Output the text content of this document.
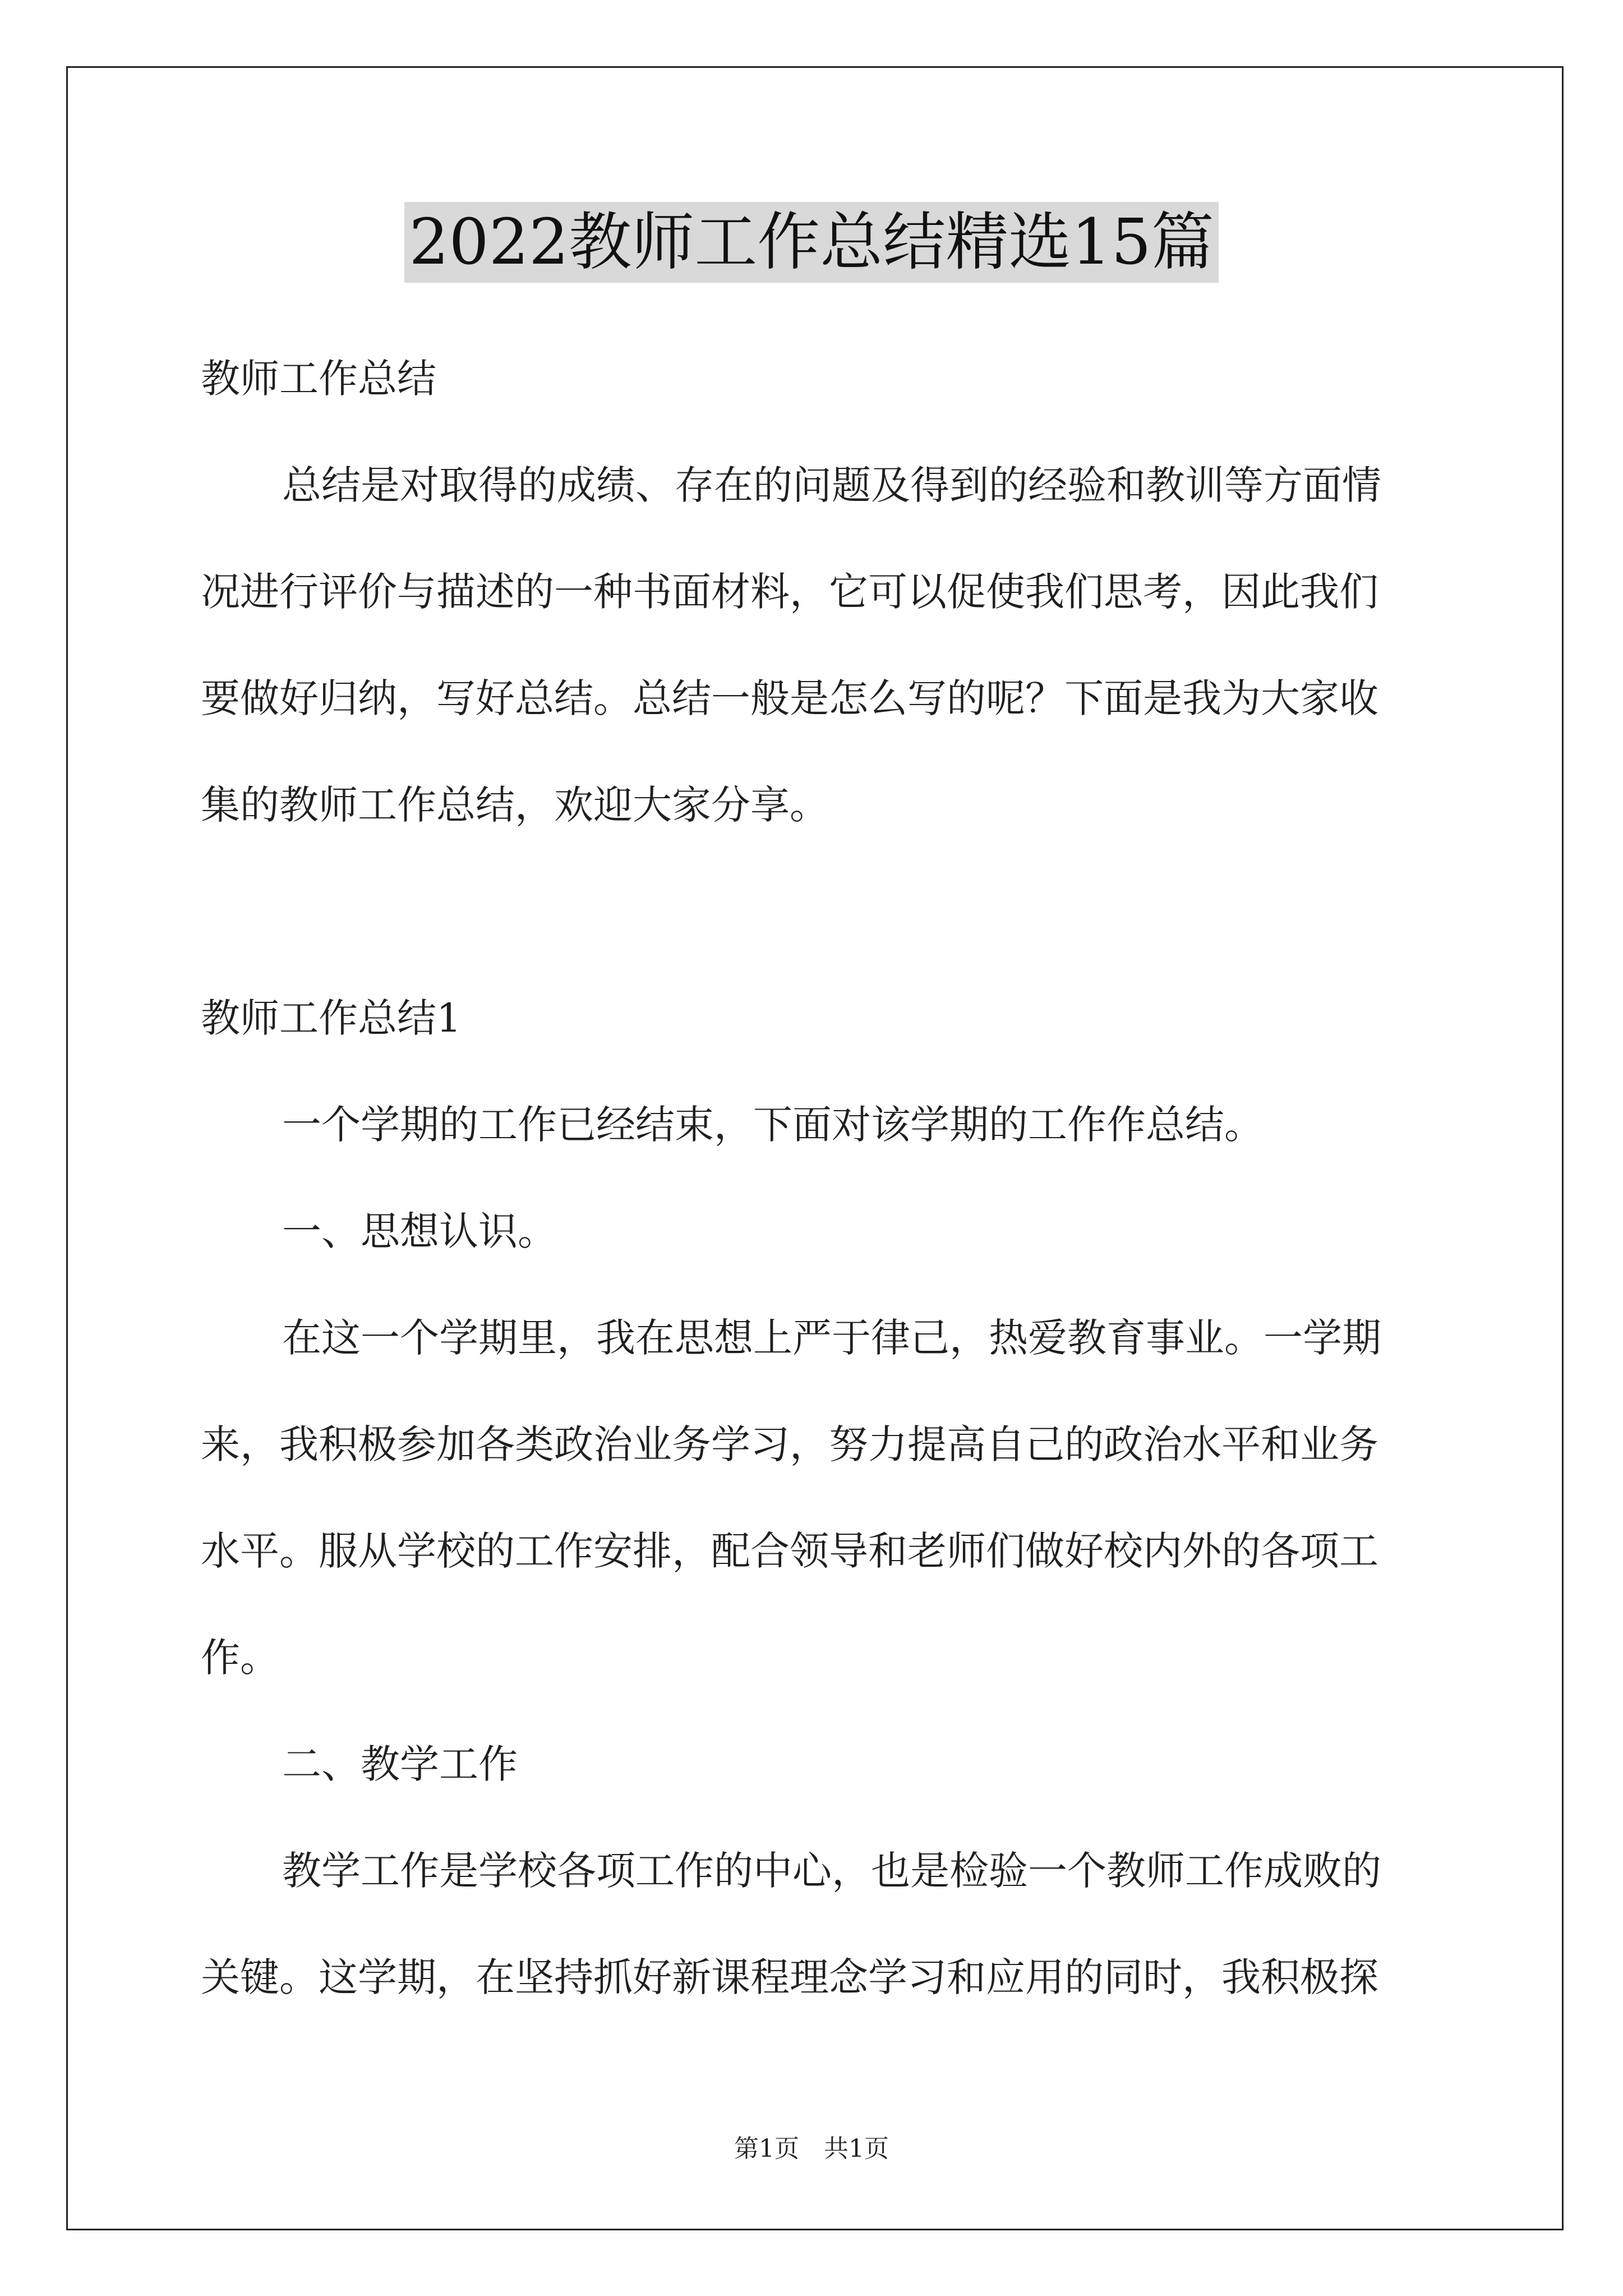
2022教师工作总结精选15篇
教师工作总结
总结是对取得的成绩、存在的问题及得到的经验和教训等方面情
况进行评价与描述的一种书面材料，它可以促使我们思考，因此我们
要做好归纳，写好总结。总结一般是怎么写的呢？下面是我为大家收
集的教师工作总结，欢迎大家分享。
教师工作总结1
一个学期的工作已经结束，下面对该学期的工作作总结。
一、思想认识。
在这一个学期里，我在思想上严于律己，热爱教育事业。一学期
来，我积极参加各类政治业务学习，努力提高自己的政治水平和业务
水平。服从学校的工作安排，配合领导和老师们做好校内外的各项工
作。
二、教学工作
教学工作是学校各项工作的中心，也是检验一个教师工作成败的
关键。这学期，在坚持抓好新课程理念学习和应用的同时，我积极探
第1页　共1页
